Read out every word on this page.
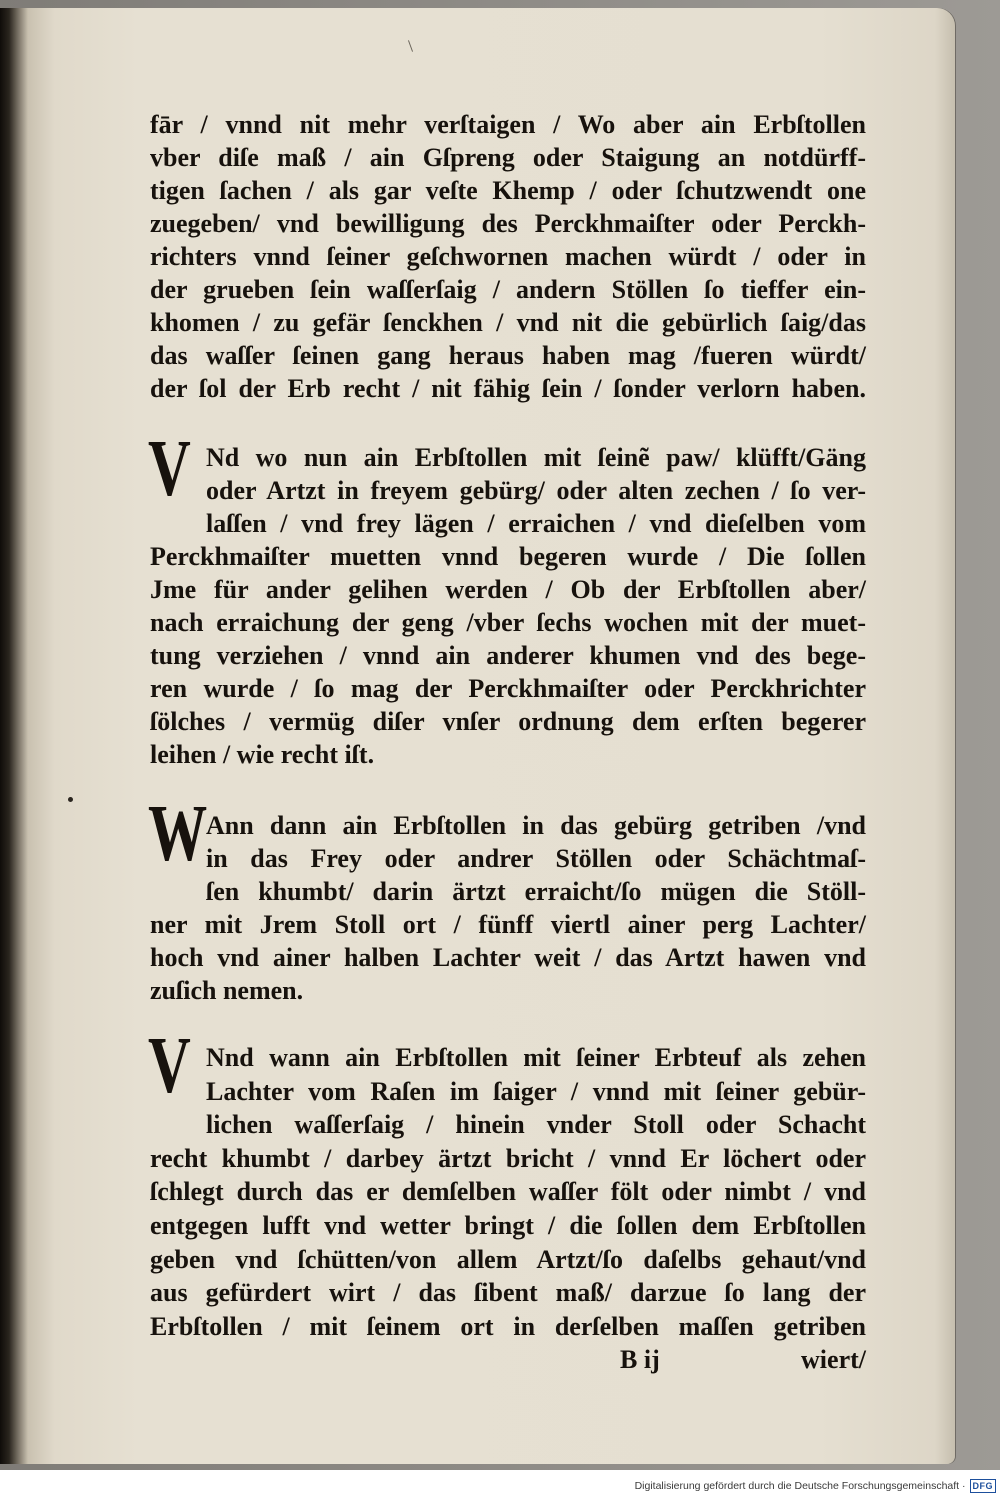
fār / vnnd nit mehr verſtaigen / Wo aber ain Erbſtollen
vber diſe maß / ain Gſpreng oder Staigung an notdürff-
tigen ſachen / als gar veſte Khemp / oder ſchutzwendt one
zuegeben/ vnd bewilligung des Perckhmaiſter oder Perckh-
richters vnnd ſeiner geſchwornen machen würdt / oder in
der grueben ſein waſſerſaig / andern Stöllen ſo tieffer ein-
khomen / zu gefär ſenckhen / vnd nit die gebürlich ſaig/das
das waſſer ſeinen gang heraus haben mag /fueren würdt/
der ſol der Erb recht / nit fähig ſein / ſonder verlorn haben.
V Nd wo nun ain Erbſtollen mit ſeinẽ paw/ klüfft/Gäng
oder Artzt in freyem gebürg/ oder alten zechen / ſo ver-
laſſen / vnd frey lägen / erraichen / vnd dieſelben vom
Perckhmaiſter muetten vnnd begeren wurde / Die ſollen
Jme für ander gelihen werden / Ob der Erbſtollen aber/
nach erraichung der geng /vber ſechs wochen mit der muet-
tung verziehen / vnnd ain anderer khumen vnd des bege-
ren wurde / ſo mag der Perckhmaiſter oder Perckhrichter
ſölches / vermüg diſer vnſer ordnung dem erſten begerer
leihen / wie recht iſt.
W
Ann dann ain Erbſtollen in das gebürg getriben /vnd
in das Frey oder andrer Stöllen oder Schächtmaſ-
ſen khumbt/ darin ärtzt erraicht/ſo mügen die Stöll-
ner mit Jrem Stoll ort / fünff viertl ainer perg Lachter/
hoch vnd ainer halben Lachter weit / das Artzt hawen vnd
zuſich nemen.
V Nnd wann ain Erbſtollen mit ſeiner Erbteuf als zehen
Lachter vom Raſen im ſaiger / vnnd mit ſeiner gebür-
lichen waſſerſaig / hinein vnder Stoll oder Schacht
recht khumbt / darbey ärtzt bricht / vnnd Er löchert oder
ſchlegt durch das er demſelben waſſer fölt oder nimbt / vnd
entgegen lufft vnd wetter bringt / die ſollen dem Erbſtollen
geben vnd ſchütten/von allem Artzt/ſo daſelbs gehaut/vnd
aus gefürdert wirt / das ſibent maß/ darzue ſo lang der
Erbſtollen / mit ſeinem ort in derſelben maſſen getriben
B ij	wiert/
Digitalisierung gefördert durch die Deutsche Forschungsgemeinschaft · DFG
